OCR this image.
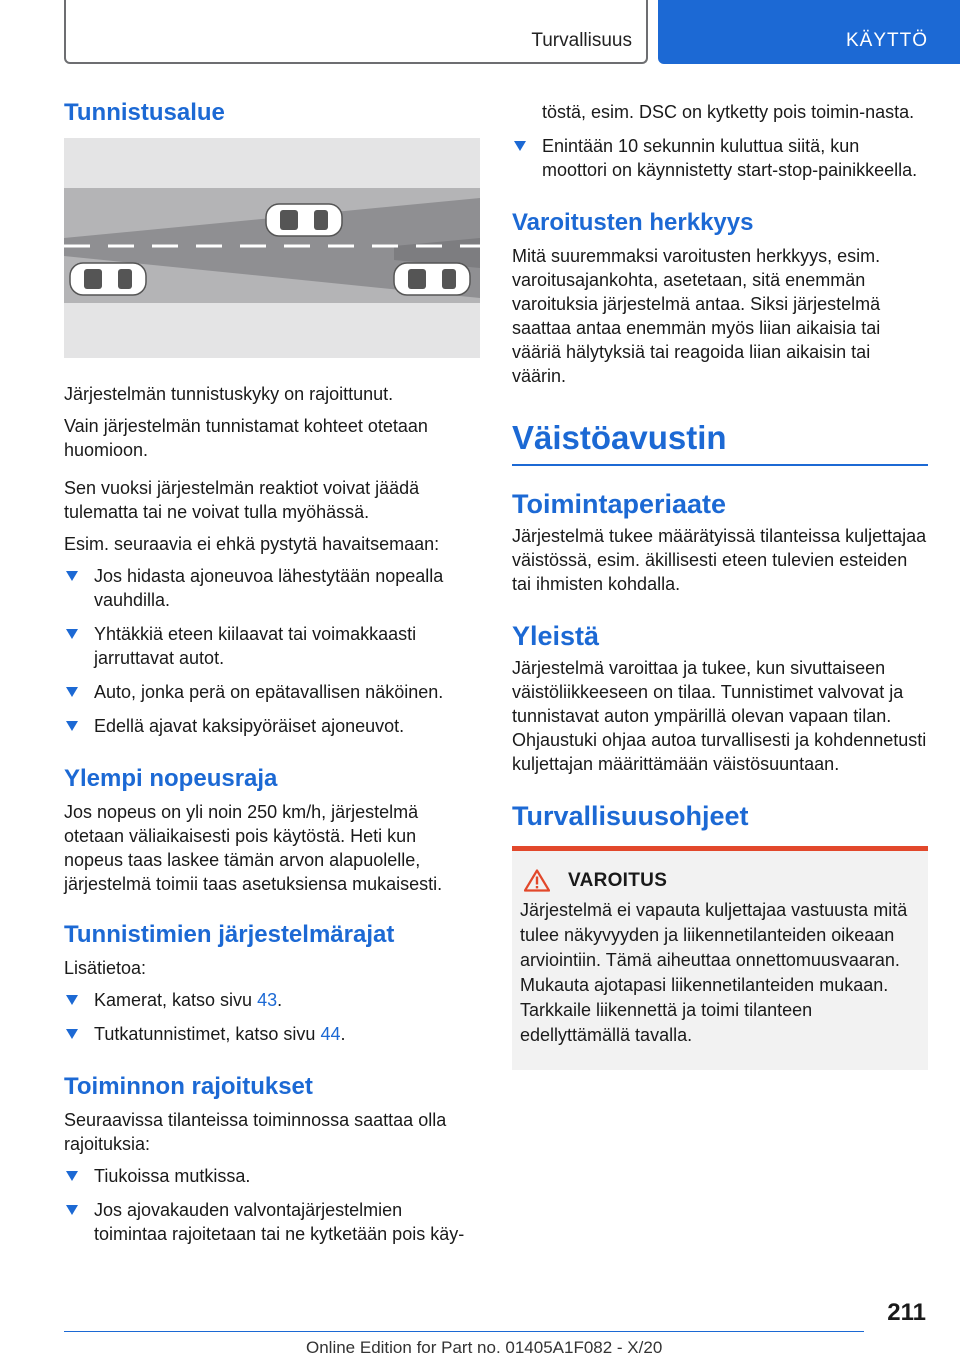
Turvallisuus	KÄYTTÖ
Tunnistusalue

Järjestelmän tunnistuskyky on rajoittunut.

Vain järjestelmän tunnistamat kohteet otetaan huomioon.

Sen vuoksi järjestelmän reaktiot voivat jäädä tulematta tai ne voivat tulla myöhässä.

Esim. seuraavia ei ehkä pystytä havaitsemaan:

Jos hidasta ajoneuvoa lähestytään nopealla vauhdilla.
Yhtäkkiä eteen kiilaavat tai voimakkaasti jarruttavat autot.
Auto, jonka perä on epätavallisen näköinen.
Edellä ajavat kaksipyöräiset ajoneuvot.
Ylempi nopeusraja

Jos nopeus on yli noin 250 km/h, järjestelmä otetaan väliaikaisesti pois käytöstä. Heti kun nopeus taas laskee tämän arvon alapuolelle, järjestelmä toimii taas asetuksiensa mukaisesti.

Tunnistimien järjestelmärajat

Lisätietoa:

Kamerat, katso sivu 43.
Tutkatunnistimet, katso sivu 44.
Toiminnon rajoitukset

Seuraavissa tilanteissa toiminnossa saattaa olla rajoituksia:

Tiukoissa mutkissa.
Jos ajovakauden valvontajärjestelmien toimintaa rajoitetaan tai ne kytketään pois käy-

töstä, esim. DSC on kytketty pois toimin-nasta.

Enintään 10 sekunnin kuluttua siitä, kun moottori on käynnistetty start-stop-painikkeella.
Varoitusten herkkyys

Mitä suuremmaksi varoitusten herkkyys, esim. varoitusajankohta, asetetaan, sitä enemmän varoituksia järjestelmä antaa. Siksi järjestelmä saattaa antaa enemmän myös liian aikaisia tai vääriä hälytyksiä tai reagoida liian aikaisin tai väärin.

Väistöavustin
Toimintaperiaate

Järjestelmä tukee määrätyissä tilanteissa kuljettajaa väistössä, esim. äkillisesti eteen tulevien esteiden tai ihmisten kohdalla.

Yleistä

Järjestelmä varoittaa ja tukee, kun sivuttaiseen väistöliikkeeseen on tilaa. Tunnistimet valvovat ja tunnistavat auton ympärillä olevan vapaan tilan. Ohjaustuki ohjaa autoa turvallisesti ja kohdennetusti kuljettajan määrittämään väistösuuntaan.

Turvallisuusohjeet
VAROITUS

Järjestelmä ei vapauta kuljettajaa vastuusta mitä tulee näkyvyyden ja liikennetilanteiden oikeaan arviointiin. Tämä aiheuttaa onnettomuusvaaran. Mukauta ajotapasi liikennetilanteiden mukaan. Tarkkaile liikennettä ja toimi tilanteen edellyttämällä tavalla.

211
Online Edition for Part no. 01405A1F082 - X/20
